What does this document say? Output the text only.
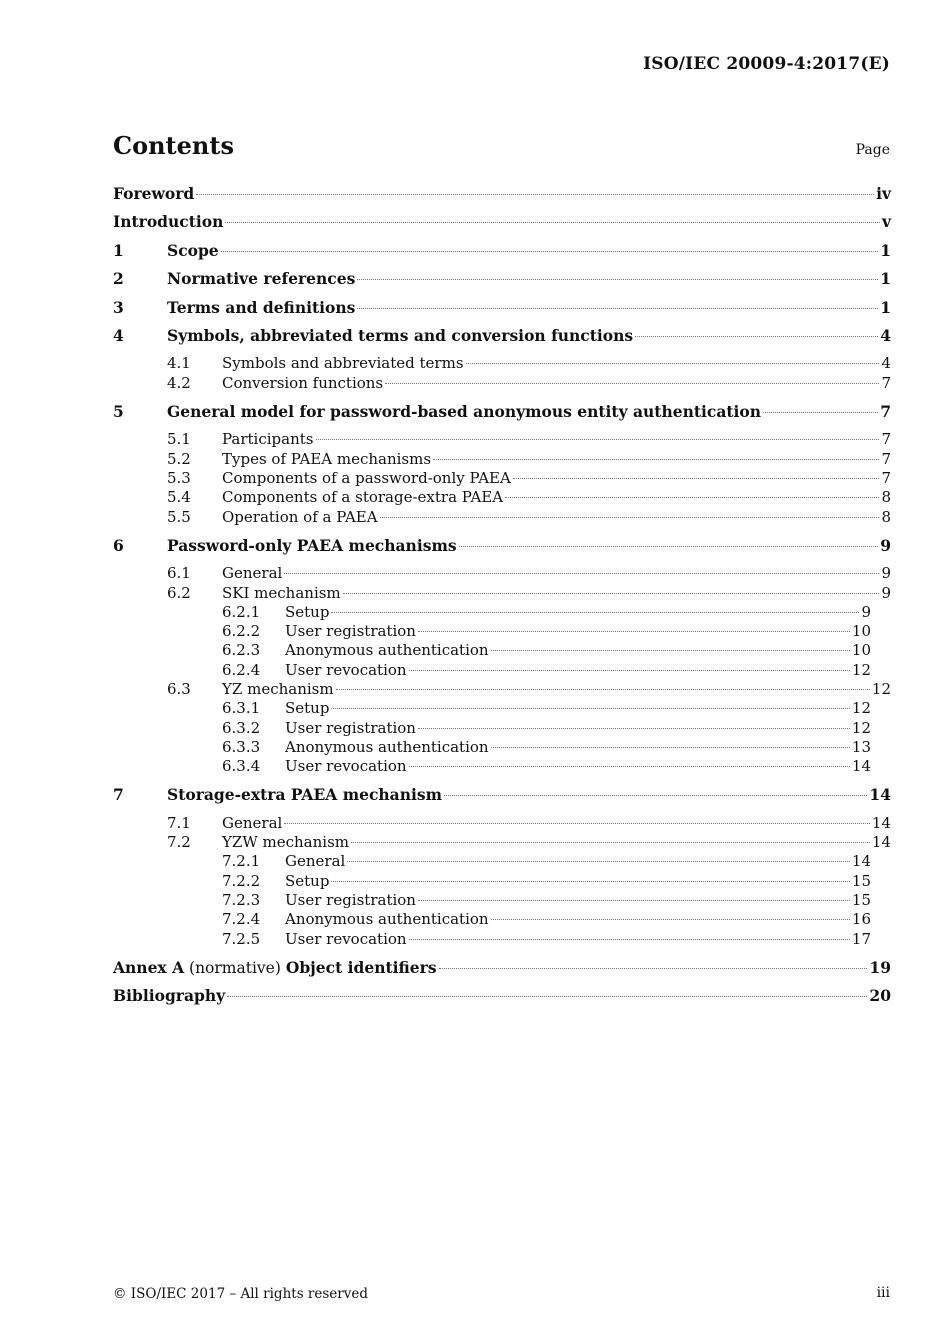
ISO/IEC 20009-4:2017(E)
Contents	Page
Foreword	iv
Introduction	v
1	Scope	1
2	Normative references	1
3	Terms and definitions	1
4	Symbols, abbreviated terms and conversion functions	4
4.1	Symbols and abbreviated terms	4
4.2	Conversion functions	7
5	General model for password-based anonymous entity authentication	7
5.1	Participants	7
5.2	Types of PAEA mechanisms	7
5.3	Components of a password-only PAEA	7
5.4	Components of a storage-extra PAEA	8
5.5	Operation of a PAEA	8
6	Password-only PAEA mechanisms	9
6.1	General	9
6.2	SKI mechanism	9
6.2.1	Setup	9
6.2.2	User registration	10
6.2.3	Anonymous authentication	10
6.2.4	User revocation	12
6.3	YZ mechanism	12
6.3.1	Setup	12
6.3.2	User registration	12
6.3.3	Anonymous authentication	13
6.3.4	User revocation	14
7	Storage-extra PAEA mechanism	14
7.1	General	14
7.2	YZW mechanism	14
7.2.1	General	14
7.2.2	Setup	15
7.2.3	User registration	15
7.2.4	Anonymous authentication	16
7.2.5	User revocation	17
Annex A (normative) Object identifiers	19
Bibliography	20
© ISO/IEC 2017 – All rights reserved	iii
